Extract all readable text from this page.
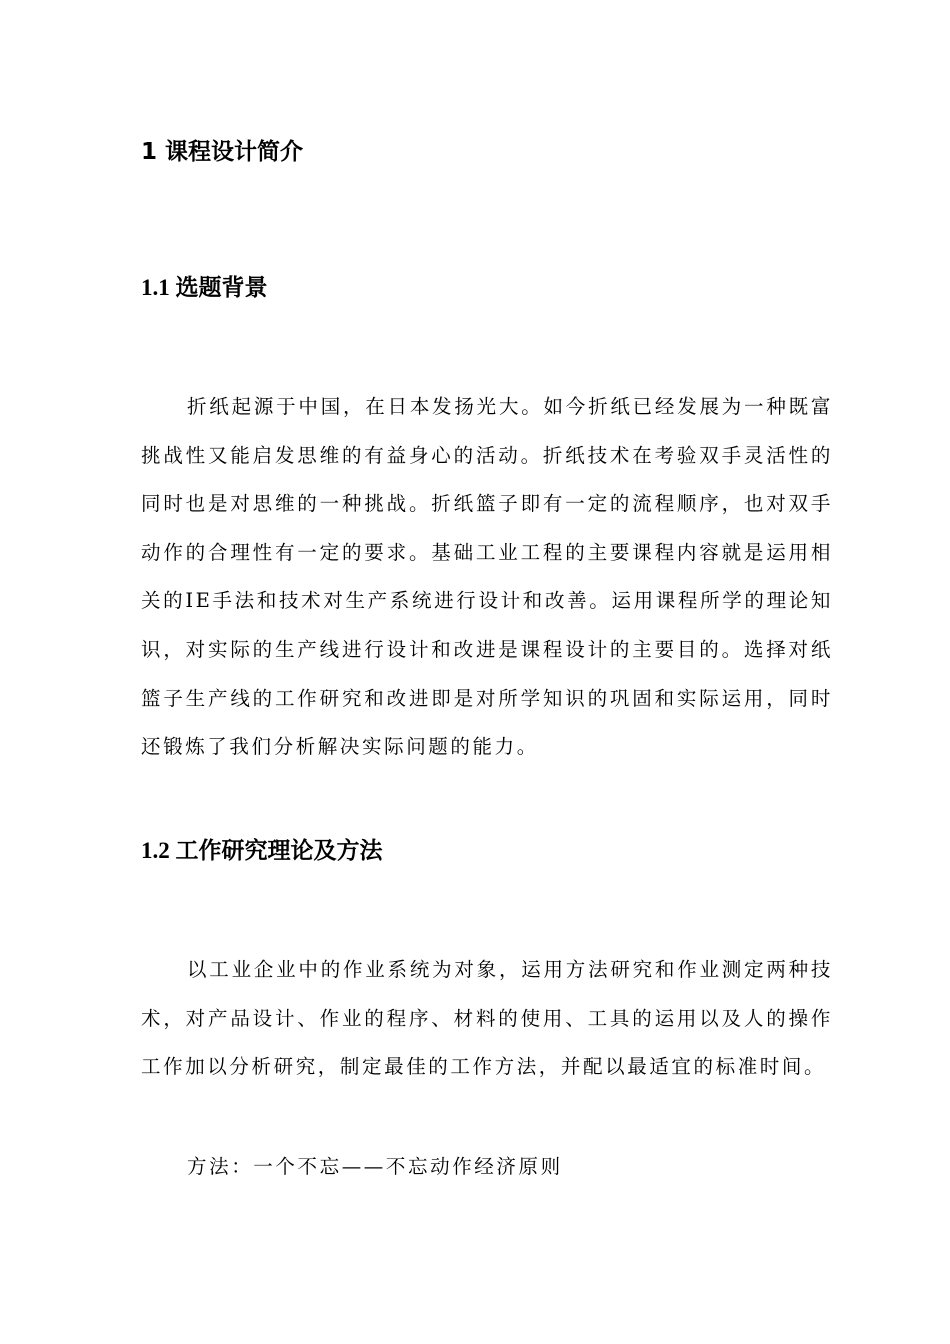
1 课程设计简介
1.1 选题背景

折纸起源于中国，在日本发扬光大。如今折纸已经发展为一种既富挑战性又能启发思维的有益身心的活动。折纸技术在考验双手灵活性的同时也是对思维的一种挑战。折纸篮子即有一定的流程顺序，也对双手动作的合理性有一定的要求。基础工业工程的主要课程内容就是运用相关的IE手法和技术对生产系统进行设计和改善。运用课程所学的理论知识，对实际的生产线进行设计和改进是课程设计的主要目的。选择对纸篮子生产线的工作研究和改进即是对所学知识的巩固和实际运用，同时还锻炼了我们分析解决实际问题的能力。

1.2 工作研究理论及方法

以工业企业中的作业系统为对象，运用方法研究和作业测定两种技术，对产品设计、作业的程序、材料的使用、工具的运用以及人的操作工作加以分析研究，制定最佳的工作方法，并配以最适宜的标准时间。

方法：一个不忘——不忘动作经济原则
